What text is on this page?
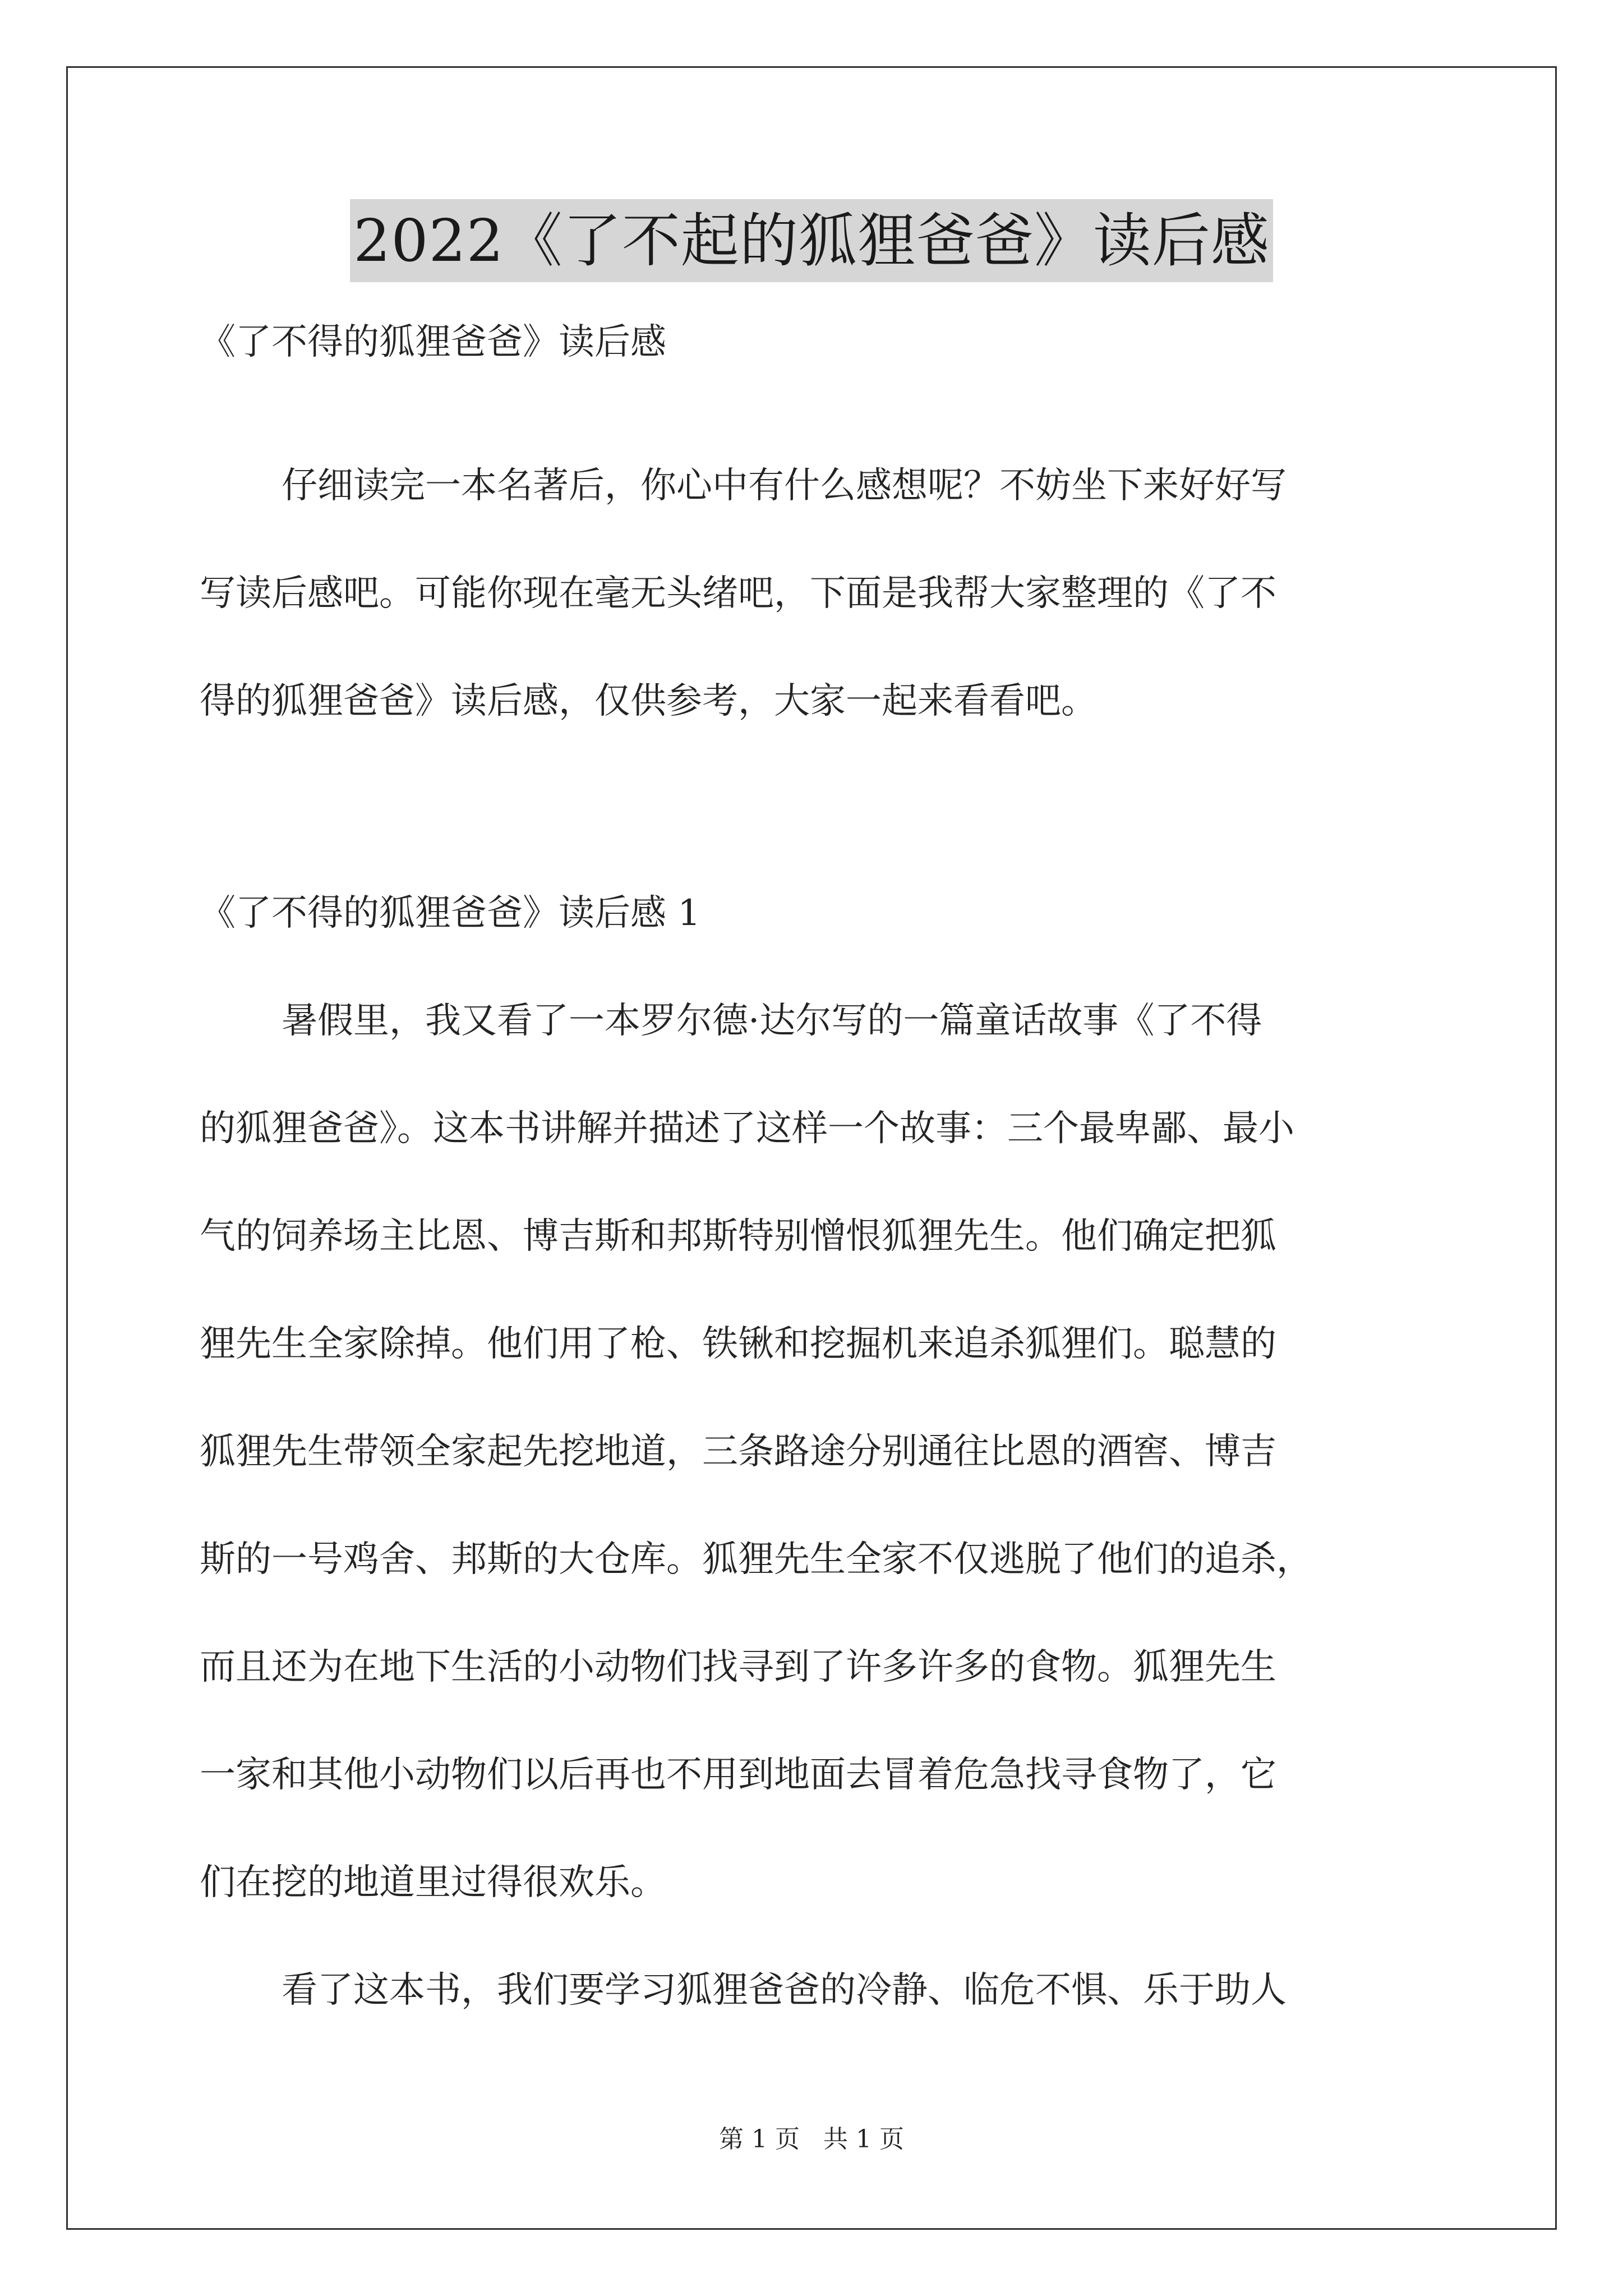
2022《了不起的狐狸爸爸》读后感
《了不得的狐狸爸爸》读后感
仔细读完一本名著后，你心中有什么感想呢？不妨坐下来好好写
写读后感吧。可能你现在毫无头绪吧，下面是我帮大家整理的《了不
得的狐狸爸爸》读后感，仅供参考，大家一起来看看吧。
《了不得的狐狸爸爸》读后感 1
暑假里，我又看了一本罗尔德·达尔写的一篇童话故事《了不得
的狐狸爸爸》。这本书讲解并描述了这样一个故事：三个最卑鄙、最小
气的饲养场主比恩、博吉斯和邦斯特别憎恨狐狸先生。他们确定把狐
狸先生全家除掉。他们用了枪、铁锹和挖掘机来追杀狐狸们。聪慧的
狐狸先生带领全家起先挖地道，三条路途分别通往比恩的酒窖、博吉
斯的一号鸡舍、邦斯的大仓库。狐狸先生全家不仅逃脱了他们的追杀，
而且还为在地下生活的小动物们找寻到了许多许多的食物。狐狸先生
一家和其他小动物们以后再也不用到地面去冒着危急找寻食物了，它
们在挖的地道里过得很欢乐。
看了这本书，我们要学习狐狸爸爸的冷静、临危不惧、乐于助人
第 1 页   共 1 页
